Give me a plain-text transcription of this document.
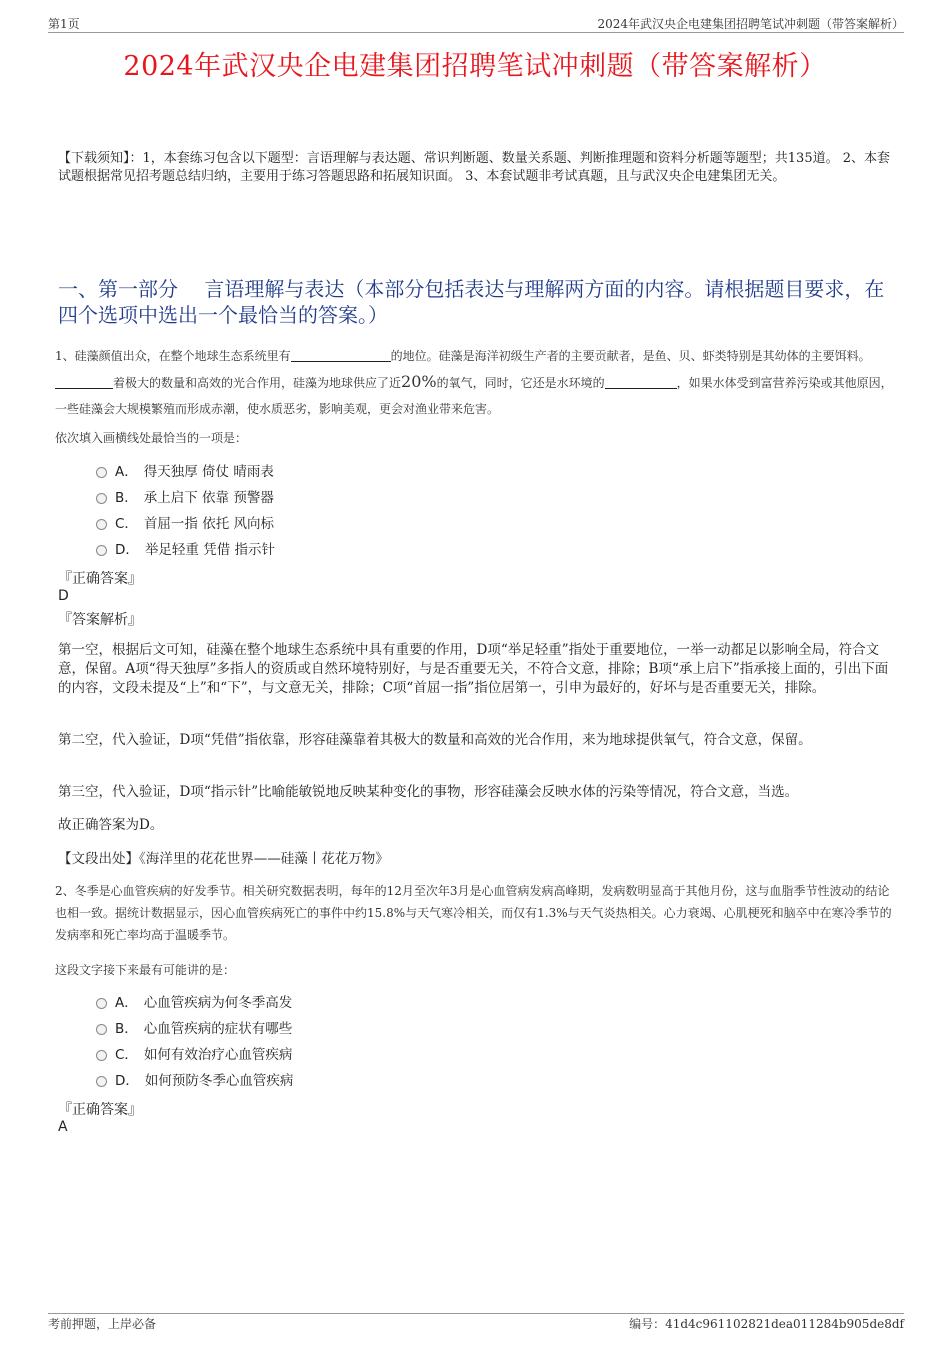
第1页	2024年武汉央企电建集团招聘笔试冲刺题（带答案解析）
2024年武汉央企电建集团招聘笔试冲刺题（带答案解析）
【下载须知】：1，本套练习包含以下题型：言语理解与表达题、常识判断题、数量关系题、判断推理题和资料分析题等题型；共135道。 2、本套试题根据常见招考题总结归纳，主要用于练习答题思路和拓展知识面。 3、本套试题非考试真题，且与武汉央企电建集团无关。
一、第一部分　 言语理解与表达（本部分包括表达与理解两方面的内容。请根据题目要求，在四个选项中选出一个最恰当的答案。）
1、硅藻颜值出众，在整个地球生态系统里有	的地位。硅藻是海洋初级生产者的主要贡献者，是鱼、贝、虾类特别是其幼体的主要饵料。着极大的数量和高效的光合作用，硅藻为地球供应了近20%的氧气，同时，它还是水环境的	，如果水体受到富营养污染或其他原因，一些硅藻会大规模繁殖而形成赤潮，使水质恶劣，影响美观，更会对渔业带来危害。
依次填入画横线处最恰当的一项是：
A． 得天独厚 倚仗 晴雨表
B． 承上启下 依靠 预警器
C． 首屈一指 依托 风向标
D． 举足轻重 凭借 指示针
『正确答案』
D
『答案解析』
第一空，根据后文可知，硅藻在整个地球生态系统中具有重要的作用，D项“举足轻重”指处于重要地位，一举一动都足以影响全局，符合文意，保留。A项“得天独厚”多指人的资质或自然环境特别好，与是否重要无关，不符合文意，排除；B项“承上启下”指承接上面的，引出下面的内容，文段未提及“上”和“下”，与文意无关，排除；C项“首屈一指”指位居第一，引申为最好的，好坏与是否重要无关，排除。
第二空，代入验证，D项“凭借”指依靠，形容硅藻靠着其极大的数量和高效的光合作用，来为地球提供氧气，符合文意，保留。
第三空，代入验证，D项“指示针”比喻能敏锐地反映某种变化的事物，形容硅藻会反映水体的污染等情况，符合文意，当选。
故正确答案为D。
【文段出处】《海洋里的花花世界——硅藻丨花花万物》
2、冬季是心血管疾病的好发季节。相关研究数据表明，每年的12月至次年3月是心血管病发病高峰期，发病数明显高于其他月份，这与血脂季节性波动的结论也相一致。据统计数据显示，因心血管疾病死亡的事件中约15.8%与天气寒冷相关，而仅有1.3%与天气炎热相关。心力衰竭、心肌梗死和脑卒中在寒冷季节的发病率和死亡率均高于温暖季节。
这段文字接下来最有可能讲的是：
A． 心血管疾病为何冬季高发
B． 心血管疾病的症状有哪些
C． 如何有效治疗心血管疾病
D． 如何预防冬季心血管疾病
『正确答案』
A
考前押题，上岸必备	编号：41d4c961102821dea011284b905de8df
